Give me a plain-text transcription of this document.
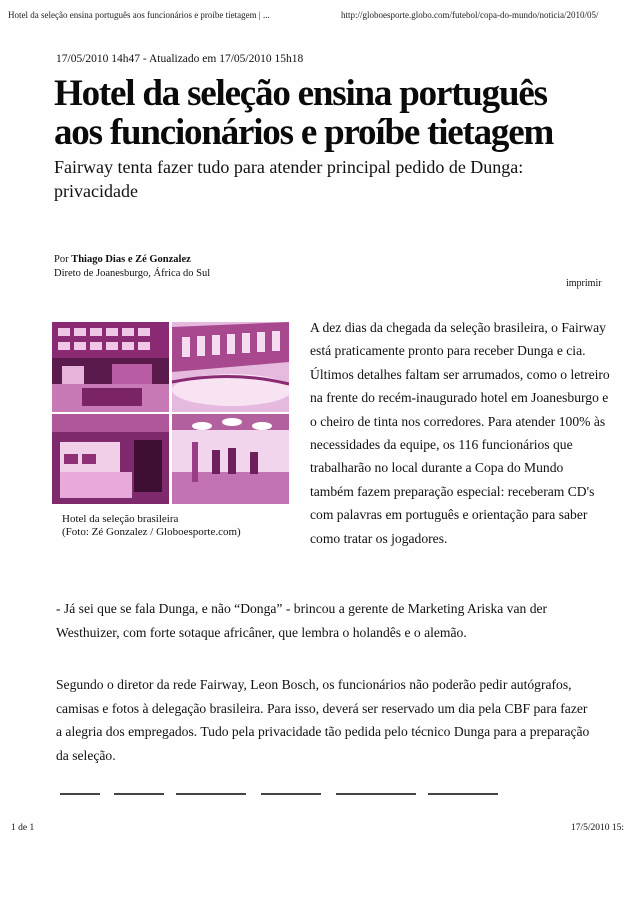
Hotel da seleção ensina português aos funcionários e proíbe tietagem | ...	http://globoesporte.globo.com/futebol/copa-do-mundo/noticia/2010/05/
17/05/2010 14h47 - Atualizado em 17/05/2010 15h18
Hotel da seleção ensina português aos funcionários e proíbe tietagem
Fairway tenta fazer tudo para atender principal pedido de Dunga: privacidade
Por Thiago Dias e Zé Gonzalez
Direto de Joanesburgo, África do Sul
imprimir
Hotel da seleção brasileira
(Foto: Zé Gonzalez / Globoesporte.com)
A dez dias da chegada da seleção brasileira, o Fairway está praticamente pronto para receber Dunga e cia. Últimos detalhes faltam ser arrumados, como o letreiro na frente do recém-inaugurado hotel em Joanesburgo e o cheiro de tinta nos corredores. Para atender 100% às necessidades da equipe, os 116 funcionários que trabalharão no local durante a Copa do Mundo também fazem preparação especial: receberam CD's com palavras em português e orientação para saber como tratar os jogadores.
- Já sei que se fala Dunga, e não “Donga” - brincou a gerente de Marketing Ariska van der Westhuizer, com forte sotaque africâner, que lembra o holandês e o alemão.
Segundo o diretor da rede Fairway, Leon Bosch, os funcionários não poderão pedir autógrafos, camisas e fotos à delegação brasileira. Para isso, deverá ser reservado um dia pela CBF para fazer a alegria dos empregados. Tudo pela privacidade tão pedida pelo técnico Dunga para a preparação da seleção.
1 de 1	17/5/2010 15:
